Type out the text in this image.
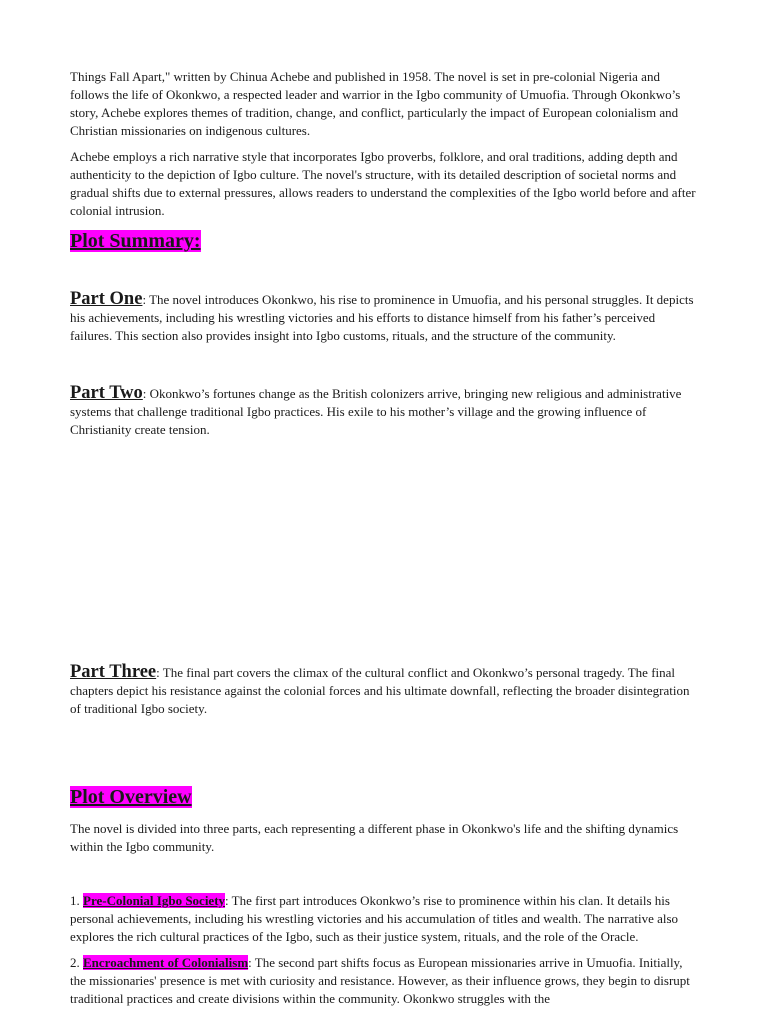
Things Fall Apart," written by Chinua Achebe and published in 1958. The novel is set in pre-colonial Nigeria and follows the life of Okonkwo, a respected leader and warrior in the Igbo community of Umuofia. Through Okonkwo’s story, Achebe explores themes of tradition, change, and conflict, particularly the impact of European colonialism and Christian missionaries on indigenous cultures.

Achebe employs a rich narrative style that incorporates Igbo proverbs, folklore, and oral traditions, adding depth and authenticity to the depiction of Igbo culture. The novel's structure, with its detailed description of societal norms and gradual shifts due to external pressures, allows readers to understand the complexities of the Igbo world before and after colonial intrusion.

Plot Summary:

Part One: The novel introduces Okonkwo, his rise to prominence in Umuofia, and his personal struggles. It depicts his achievements, including his wrestling victories and his efforts to distance himself from his father’s perceived failures. This section also provides insight into Igbo customs, rituals, and the structure of the community.

Part Two: Okonkwo’s fortunes change as the British colonizers arrive, bringing new religious and administrative systems that challenge traditional Igbo practices. His exile to his mother’s village and the growing influence of Christianity create tension.

Part Three: The final part covers the climax of the cultural conflict and Okonkwo’s personal tragedy. The final chapters depict his resistance against the colonial forces and his ultimate downfall, reflecting the broader disintegration of traditional Igbo society.

Plot Overview

The novel is divided into three parts, each representing a different phase in Okonkwo's life and the shifting dynamics within the Igbo community.

1. Pre-Colonial Igbo Society: The first part introduces Okonkwo’s rise to prominence within his clan. It details his personal achievements, including his wrestling victories and his accumulation of titles and wealth. The narrative also explores the rich cultural practices of the Igbo, such as their justice system, rituals, and the role of the Oracle.

2. Encroachment of Colonialism: The second part shifts focus as European missionaries arrive in Umuofia. Initially, the missionaries' presence is met with curiosity and resistance. However, as their influence grows, they begin to disrupt traditional practices and create divisions within the community. Okonkwo struggles with the
